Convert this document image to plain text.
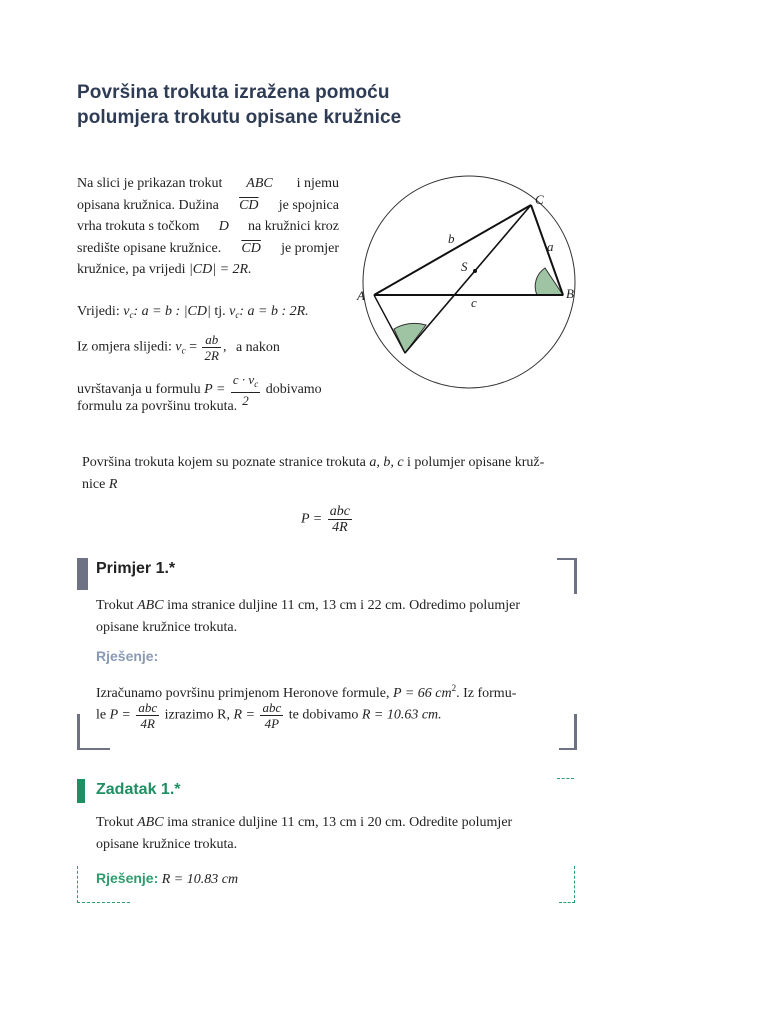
Površina trokuta izražena pomoću
polumjera trokutu opisane kružnice
Na slici je prikazan trokut ABC i njemu
opisana kružnica. Dužina $\overline{CD}$ je spojnica
vrha trokuta s točkom D na kružnici kroz
središte opisane kružnice. $\overline{CD}$ je promjer
kružnice, pa vrijedi |CD| = 2R.
Vrijedi: $v_c$: a = b : |CD| tj. $v_c$: a = b : 2R.
Iz omjera slijedi: $v_c = \frac{ab}{2R}$ , a nakon
uvrštavanja u formulu $P = \frac{c \cdot v_c}{2}$ dobivamo
formulu za površinu trokuta.
A	B
C
S
a
b
c
Površina trokuta kojem su poznate stranice trokuta a, b, c i polumjer opisane kruž-
nice R
$P = \frac{\text{abc}}{4R}$
Primjer 1.*
Trokut ABC ima stranice duljine 11 cm, 13 cm i 22 cm. Odredimo polumjer
opisane kružnice trokuta.
Rješenje:
Izračunamo površinu primjenom Heronove formule, P = 66 $cm^2$. Iz formu-
le $P = \frac{\text{abc}}{4R}$ izrazimo R, $R = \frac{\text{abc}}{4P}$ te dobivamo R = 10.63 cm.
Zadatak 1.*
Trokut ABC ima stranice duljine 11 cm, 13 cm i 20 cm. Odredite polumjer
opisane kružnice trokuta.
Rješenje: R = 10.83 cm
